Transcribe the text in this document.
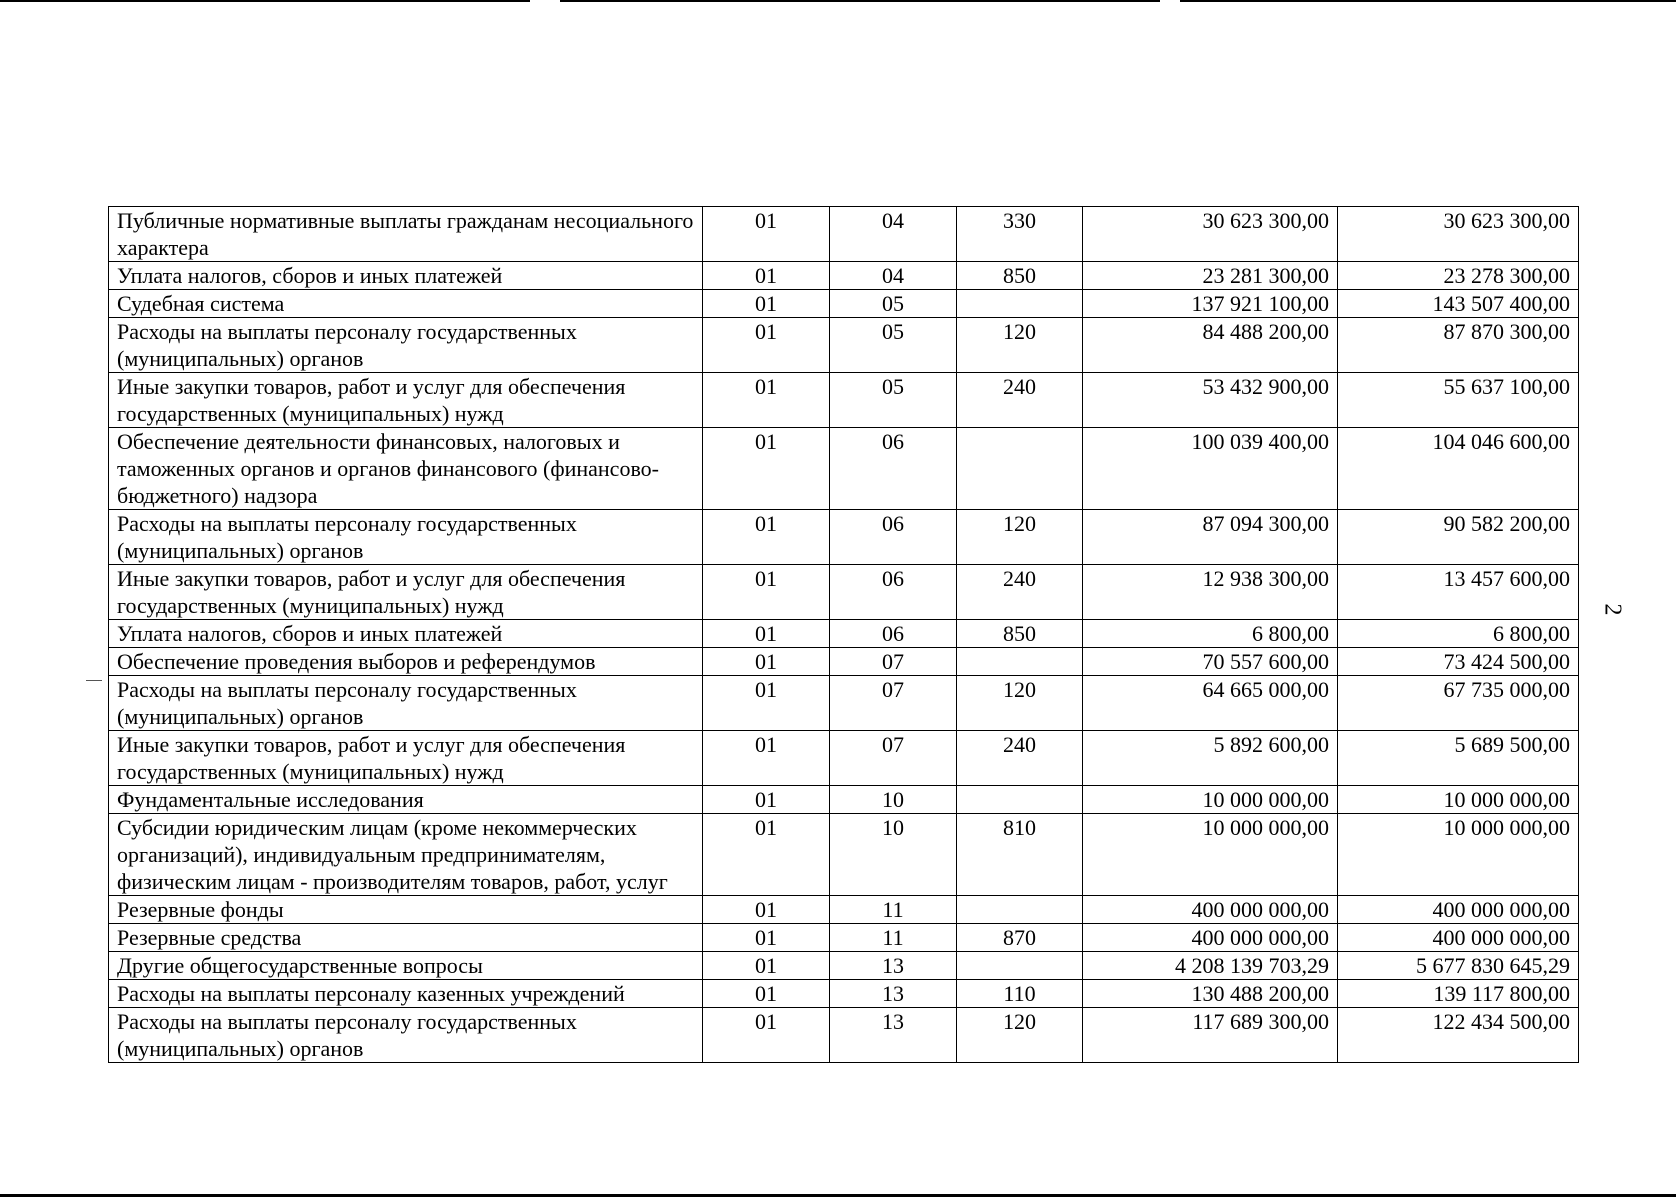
Публичные нормативные выплаты гражданам несоциального характера	01	04	330	30 623 300,00	30 623 300,00
Уплата налогов, сборов и иных платежей	01	04	850	23 281 300,00	23 278 300,00
Судебная система	01	05		137 921 100,00	143 507 400,00
Расходы на выплаты персоналу государственных (муниципальных) органов	01	05	120	84 488 200,00	87 870 300,00
Иные закупки товаров, работ и услуг для обеспечения государственных (муниципальных) нужд	01	05	240	53 432 900,00	55 637 100,00
Обеспечение деятельности финансовых, налоговых и таможенных органов и органов финансового (финансово-бюджетного) надзора	01	06		100 039 400,00	104 046 600,00
Расходы на выплаты персоналу государственных (муниципальных) органов	01	06	120	87 094 300,00	90 582 200,00
Иные закупки товаров, работ и услуг для обеспечения государственных (муниципальных) нужд	01	06	240	12 938 300,00	13 457 600,00
Уплата налогов, сборов и иных платежей	01	06	850	6 800,00	6 800,00
Обеспечение проведения выборов и референдумов	01	07		70 557 600,00	73 424 500,00
Расходы на выплаты персоналу государственных (муниципальных) органов	01	07	120	64 665 000,00	67 735 000,00
Иные закупки товаров, работ и услуг для обеспечения государственных (муниципальных) нужд	01	07	240	5 892 600,00	5 689 500,00
Фундаментальные исследования	01	10		10 000 000,00	10 000 000,00
Субсидии юридическим лицам (кроме некоммерческих организаций), индивидуальным предпринимателям, физическим лицам - производителям товаров, работ, услуг	01	10	810	10 000 000,00	10 000 000,00
Резервные фонды	01	11		400 000 000,00	400 000 000,00
Резервные средства	01	11	870	400 000 000,00	400 000 000,00
Другие общегосударственные вопросы	01	13		4 208 139 703,29	5 677 830 645,29
Расходы на выплаты персоналу казенных учреждений	01	13	110	130 488 200,00	139 117 800,00
Расходы на выплаты персоналу государственных (муниципальных) органов	01	13	120	117 689 300,00	122 434 500,00
2
